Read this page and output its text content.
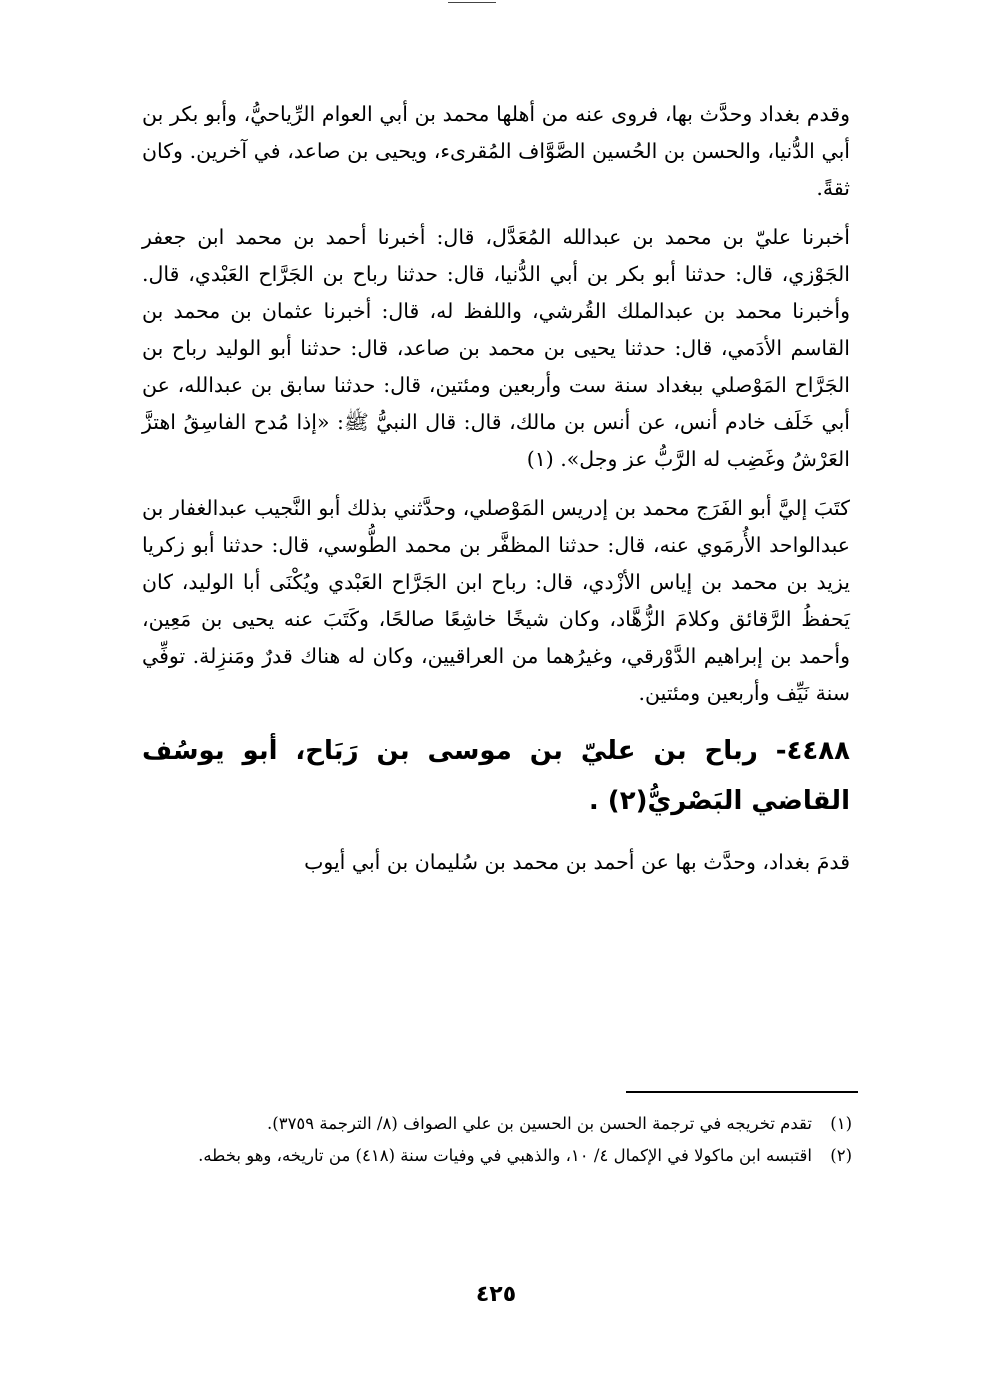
وقدم بغداد وحدَّث بها، فروى عنه من أهلها محمد بن أبي العوام الرِّياحيُّ، وأبو بكر بن أبي الدُّنيا، والحسن بن الحُسين الصَّوَّاف المُقرىء، ويحيى بن صاعد، في آخرين. وكان ثقةً.

أخبرنا عليّ بن محمد بن عبدالله المُعَدَّل، قال: أخبرنا أحمد بن محمد ابن جعفر الجَوْزي، قال: حدثنا أبو بكر بن أبي الدُّنيا، قال: حدثنا رباح بن الجَرَّاح العَبْدي، قال. وأخبرنا محمد بن عبدالملك القُرشي، واللفظ له، قال: أخبرنا عثمان بن محمد بن القاسم الأدَمي، قال: حدثنا يحيى بن محمد بن صاعد، قال: حدثنا أبو الوليد رباح بن الجَرَّاح المَوْصلي ببغداد سنة ست وأربعين ومئتين، قال: حدثنا سابق بن عبدالله، عن أبي خَلَف خادم أنس، عن أنس بن مالك، قال: قال النبيُّ ﷺ: «إذا مُدح الفاسِقُ اهتزَّ العَرْشُ وغَضِب له الرَّبُّ عز وجل». (١)

كتَبَ إليَّ أبو الفَرَج محمد بن إدريس المَوْصلي، وحدَّثني بذلك أبو النَّجيب عبدالغفار بن عبدالواحد الأُرمَوي عنه، قال: حدثنا المظفَّر بن محمد الطُّوسي، قال: حدثنا أبو زكريا يزيد بن محمد بن إياس الأزْدي، قال: رباح ابن الجَرَّاح العَبْدي ويُكْنَى أبا الوليد، كان يَحفظُ الرَّقائق وكلامَ الزُّهَّاد، وكان شيخًا خاشِعًا صالحًا، وكَتَبَ عنه يحيى بن مَعِين، وأحمد بن إبراهيم الدَّوْرقي، وغيرُهما من العراقيين، وكان له هناك قدرٌ ومَنزِلة. توفِّي سنة نَيِّف وأربعين ومئتين.

٤٤٨٨- رباح بن عليّ بن موسى بن رَبَاح، أبو يوسُف القاضي البَصْريُّ(٢) .

قدمَ بغداد، وحدَّث بها عن أحمد بن محمد بن سُليمان بن أبي أيوب

(١)
تقدم تخريجه في ترجمة الحسن بن الحسين بن علي الصواف (٨/ الترجمة ٣٧٥٩).
(٢)
اقتبسه ابن ماكولا في الإكمال ٤/ ١٠، والذهبي في وفيات سنة (٤١٨) من تاريخه، وهو بخطه.
٤٢٥
